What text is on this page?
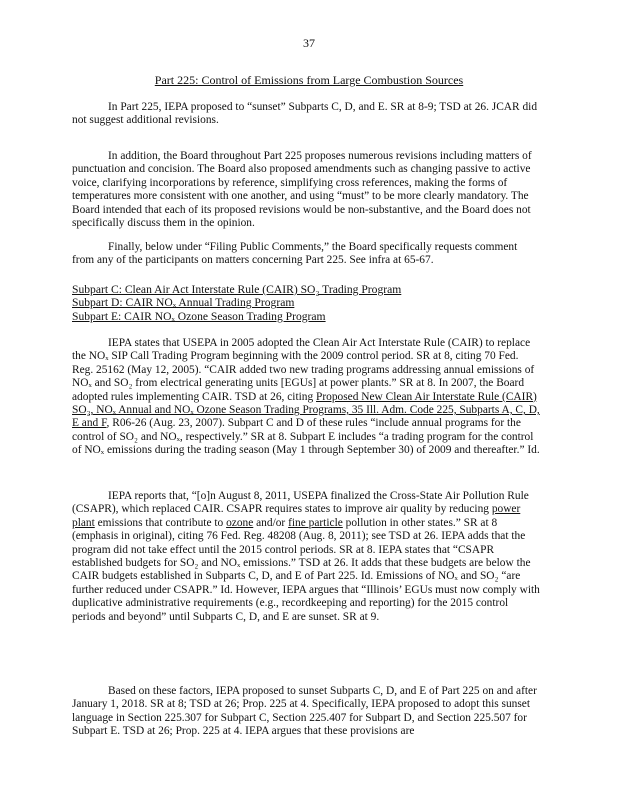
37
Part 225: Control of Emissions from Large Combustion Sources

In Part 225, IEPA proposed to “sunset” Subparts C, D, and E. SR at 8-9; TSD at 26. JCAR did not suggest additional revisions.

In addition, the Board throughout Part 225 proposes numerous revisions including matters of punctuation and concision. The Board also proposed amendments such as changing passive to active voice, clarifying incorporations by reference, simplifying cross references, making the forms of temperatures more consistent with one another, and using “must” to be more clearly mandatory. The Board intended that each of its proposed revisions would be non-substantive, and the Board does not specifically discuss them in the opinion.

Finally, below under “Filing Public Comments,” the Board specifically requests comment from any of the participants on matters concerning Part 225. See infra at 65-67.

Subpart C: Clean Air Act Interstate Rule (CAIR) SO₂ Trading Program
Subpart D: CAIR NOₓ Annual Trading Program
Subpart E: CAIR NOₓ Ozone Season Trading Program

IEPA states that USEPA in 2005 adopted the Clean Air Act Interstate Rule (CAIR) to replace the NOₓ SIP Call Trading Program beginning with the 2009 control period. SR at 8, citing 70 Fed. Reg. 25162 (May 12, 2005). “CAIR added two new trading programs addressing annual emissions of NOₓ and SO₂ from electrical generating units [EGUs] at power plants.” SR at 8. In 2007, the Board adopted rules implementing CAIR. TSD at 26, citing Proposed New Clean Air Interstate Rule (CAIR) SO₂, NOₓ Annual and NOₓ Ozone Season Trading Programs, 35 Ill. Adm. Code 225, Subparts A, C, D, E and F, R06-26 (Aug. 23, 2007). Subpart C and D of these rules “include annual programs for the control of SO₂ and NOₓ, respectively.” SR at 8. Subpart E includes “a trading program for the control of NOₓ emissions during the trading season (May 1 through September 30) of 2009 and thereafter.” Id.

IEPA reports that, “[o]n August 8, 2011, USEPA finalized the Cross-State Air Pollution Rule (CSAPR), which replaced CAIR. CSAPR requires states to improve air quality by reducing power plant emissions that contribute to ozone and/or fine particle pollution in other states.” SR at 8 (emphasis in original), citing 76 Fed. Reg. 48208 (Aug. 8, 2011); see TSD at 26. IEPA adds that the program did not take effect until the 2015 control periods. SR at 8. IEPA states that “CSAPR established budgets for SO₂ and NOₓ emissions.” TSD at 26. It adds that these budgets are below the CAIR budgets established in Subparts C, D, and E of Part 225. Id. Emissions of NOₓ and SO₂ “are further reduced under CSAPR.” Id. However, IEPA argues that “Illinois’ EGUs must now comply with duplicative administrative requirements (e.g., recordkeeping and reporting) for the 2015 control periods and beyond” until Subparts C, D, and E are sunset. SR at 9.

Based on these factors, IEPA proposed to sunset Subparts C, D, and E of Part 225 on and after January 1, 2018. SR at 8; TSD at 26; Prop. 225 at 4. Specifically, IEPA proposed to adopt this sunset language in Section 225.307 for Subpart C, Section 225.407 for Subpart D, and Section 225.507 for Subpart E. TSD at 26; Prop. 225 at 4. IEPA argues that these provisions are
